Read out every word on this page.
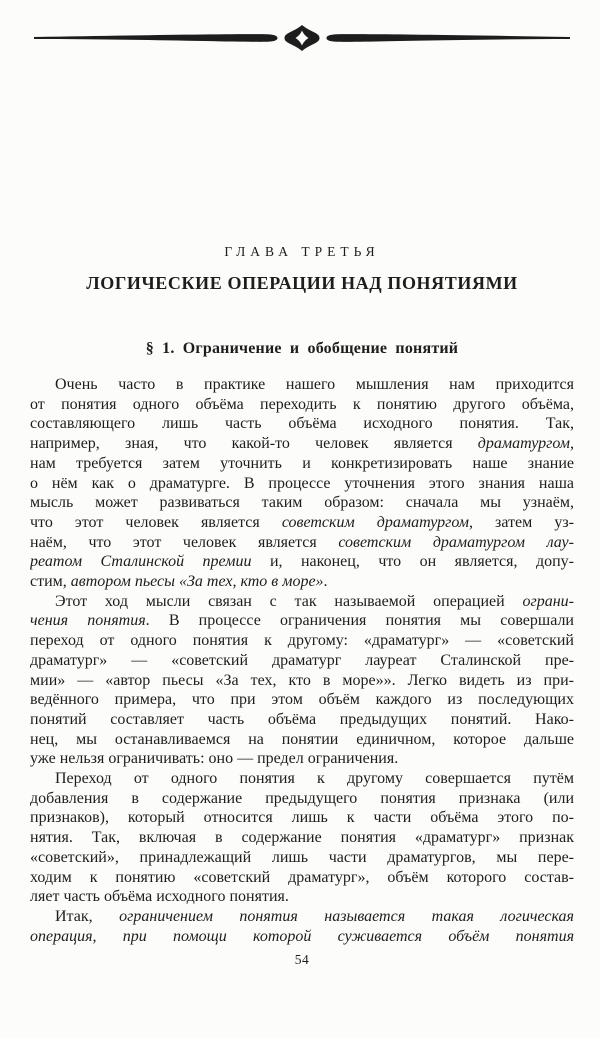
ГЛАВА ТРЕТЬЯ
ЛОГИЧЕСКИЕ ОПЕРАЦИИ НАД ПОНЯТИЯМИ
§ 1. Ограничение и обобщение понятий
Очень часто в практике нашего мышления нам приходится
от понятия одного объёма переходить к понятию другого объёма,
составляющего лишь часть объёма исходного понятия. Так,
например, зная, что какой-то человек является драматургом,
нам требуется затем уточнить и конкретизировать наше знание
о нём как о драматурге. В процессе уточнения этого знания наша
мысль может развиваться таким образом: сначала мы узнаём,
что этот человек является советским драматургом, затем уз-
наём, что этот человек является советским драматургом лау-
реатом Сталинской премии и, наконец, что он является, допу-
стим, автором пьесы «За тех, кто в море».
Этот ход мысли связан с так называемой операцией ограни-
чения понятия. В процессе ограничения понятия мы совершали
переход от одного понятия к другому: «драматург» — «советский
драматург» — «советский драматург лауреат Сталинской пре-
мии» — «автор пьесы «За тех, кто в море»». Легко видеть из при-
ведённого примера, что при этом объём каждого из последующих
понятий составляет часть объёма предыдущих понятий. Нако-
нец, мы останавливаемся на понятии единичном, которое дальше
уже нельзя ограничивать: оно — предел ограничения.
Переход от одного понятия к другому совершается путём
добавления в содержание предыдущего понятия признака (или
признаков), который относится лишь к части объёма этого по-
нятия. Так, включая в содержание понятия «драматург» признак
«советский», принадлежащий лишь части драматургов, мы пере-
ходим к понятию «советский драматург», объём которого состав-
ляет часть объёма исходного понятия.
Итак, ограничением понятия называется такая логическая
операция, при помощи которой суживается объём понятия
54
